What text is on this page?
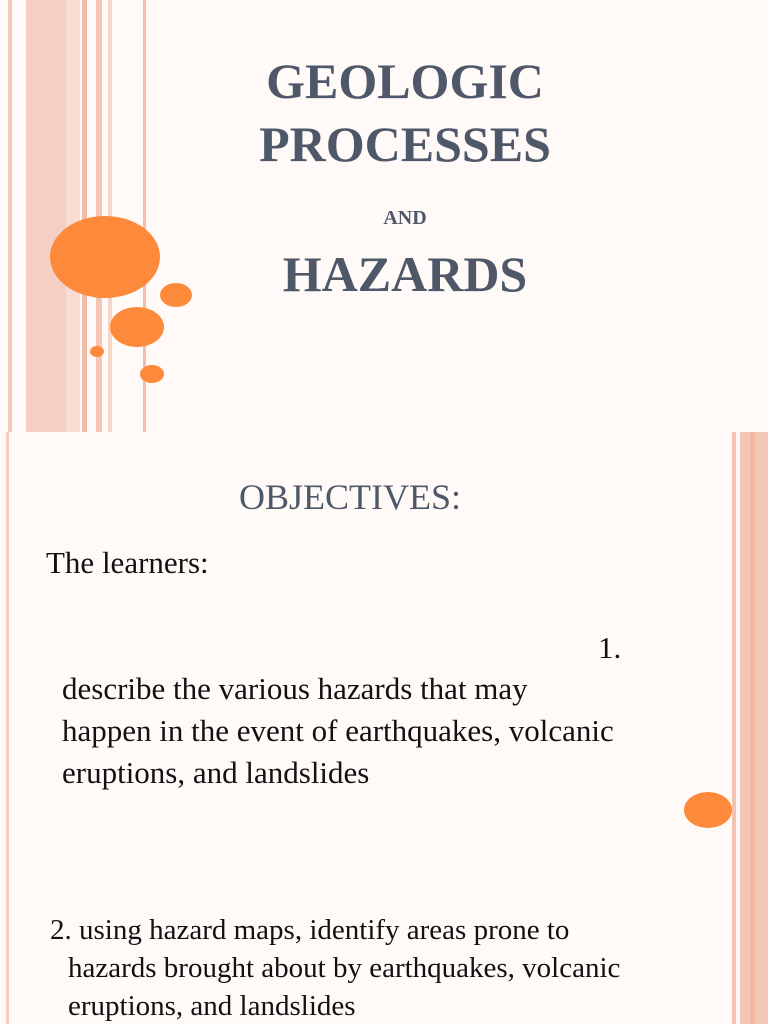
GEOLOGIC

PROCESSES

AND

HAZARDS

OBJECTIVES:

The learners:

1.

describe the various hazards that may happen in the event of earthquakes, volcanic eruptions, and landslides

2. using hazard maps, identify areas prone to

hazards brought about by earthquakes, volcanic eruptions, and landslides
